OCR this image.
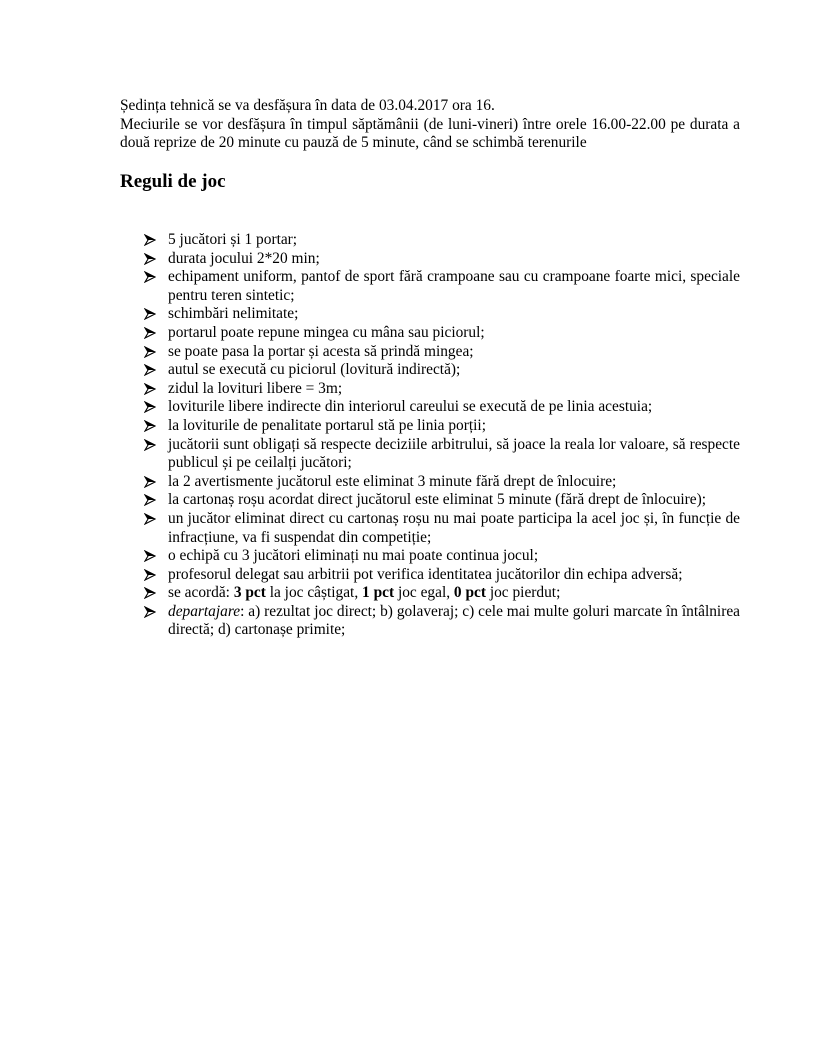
Ședința tehnică se va desfășura în data de 03.04.2017 ora 16.

Meciurile se vor desfășura în timpul săptămânii (de luni-vineri) între orele 16.00-22.00 pe durata a două reprize de 20 minute cu pauză de 5 minute, când se schimbă terenurile

Reguli de joc
5 jucători și 1 portar;
durata jocului 2*20 min;
echipament uniform, pantof de sport fără crampoane sau cu crampoane foarte mici, speciale pentru teren sintetic;
schimbări nelimitate;
portarul poate repune mingea cu mâna sau piciorul;
se poate pasa la portar și acesta să prindă mingea;
autul se execută cu piciorul (lovitură indirectă);
zidul la lovituri libere = 3m;
loviturile libere indirecte din interiorul careului se execută de pe linia acestuia;
la loviturile de penalitate portarul stă pe linia porții;
jucătorii sunt obligați să respecte deciziile arbitrului, să joace la reala lor valoare, să respecte publicul și pe ceilalți jucători;
la 2 avertismente jucătorul este eliminat 3 minute fără drept de înlocuire;
la cartonaș roșu acordat direct jucătorul este eliminat 5 minute (fără drept de înlocuire);
un jucător eliminat direct cu cartonaș roșu nu mai poate participa la acel joc și, în funcție de infracțiune, va fi suspendat din competiție;
o echipă cu 3 jucători eliminați nu mai poate continua jocul;
profesorul delegat sau arbitrii pot verifica identitatea jucătorilor din echipa adversă;
se acordă: 3 pct la joc câștigat, 1 pct joc egal, 0 pct joc pierdut;
departajare: a) rezultat joc direct; b) golaveraj; c) cele mai multe goluri marcate în întâlnirea directă; d) cartonașe primite;
